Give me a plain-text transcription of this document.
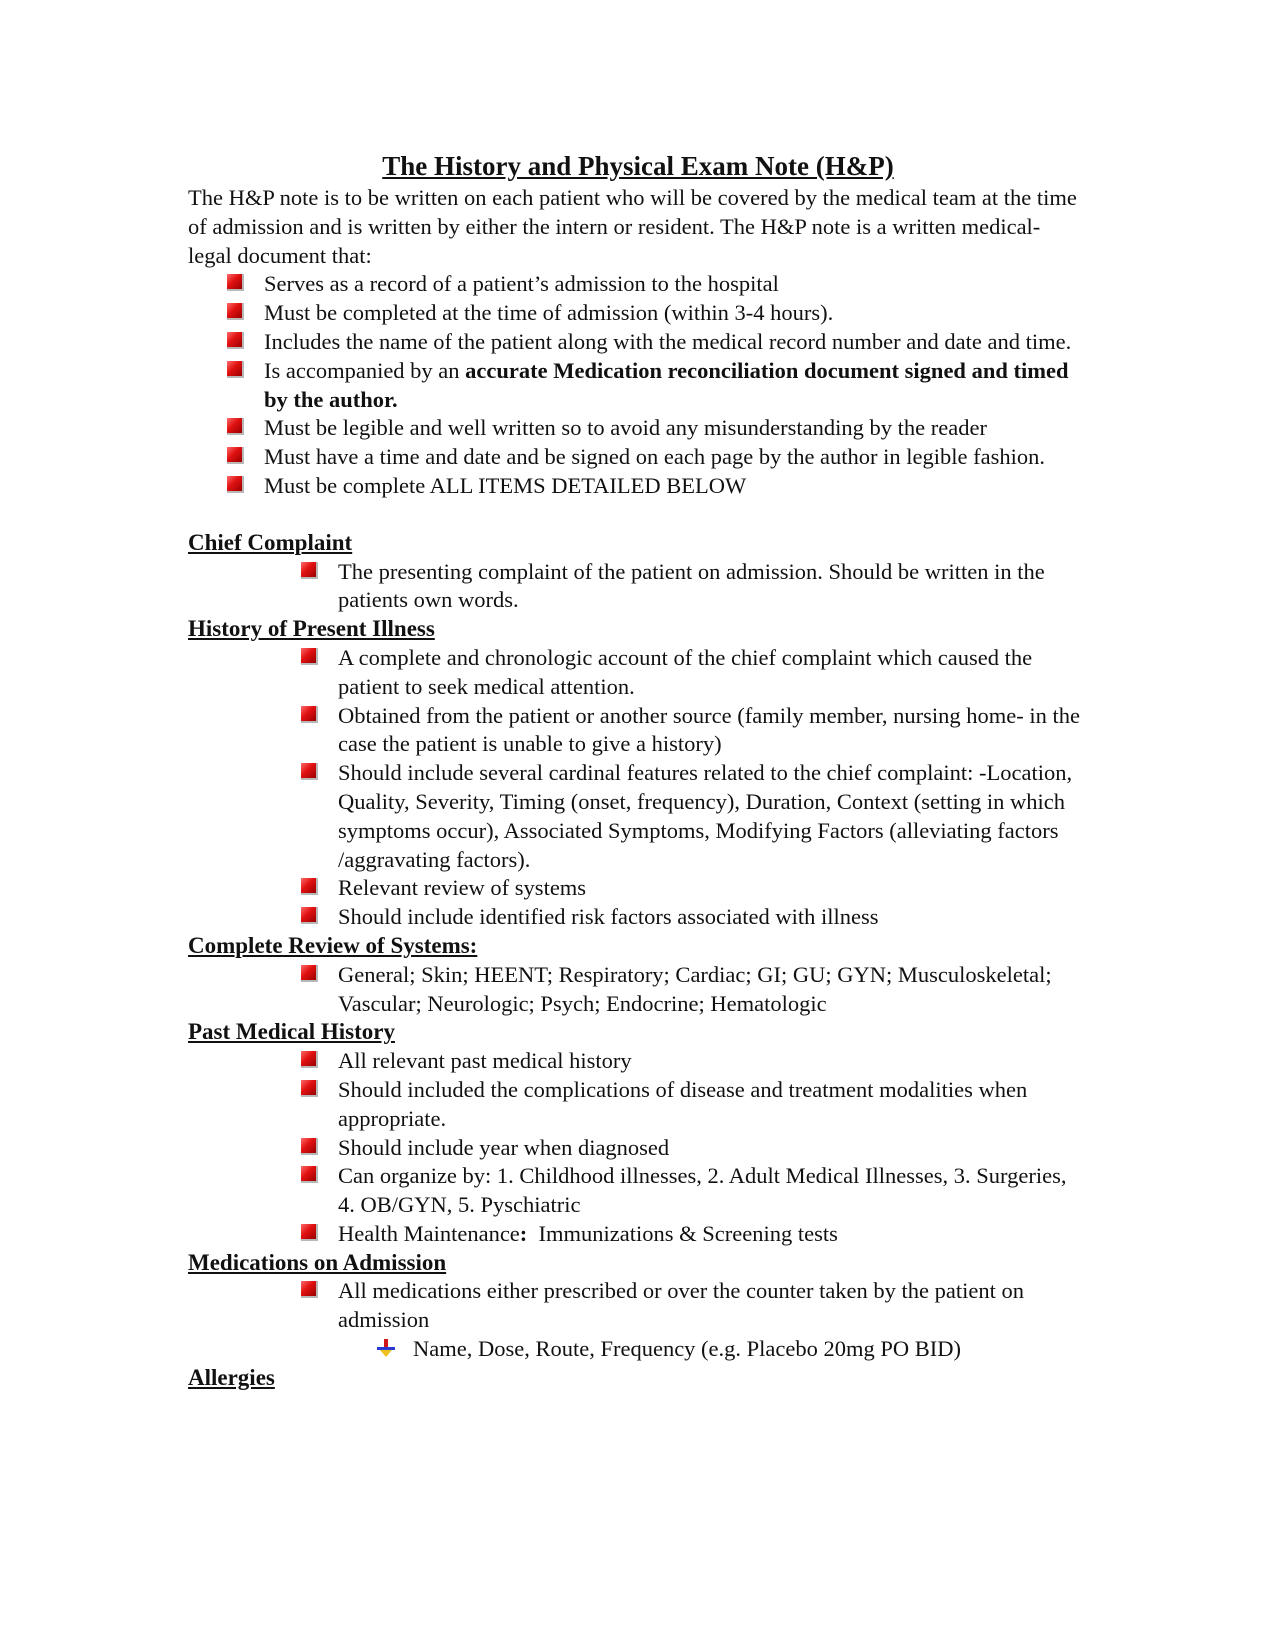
The History and Physical Exam Note (H&P)

The H&P note is to be written on each patient who will be covered by the medical team at the time of admission and is written by either the intern or resident. The H&P note is a written medical-legal document that:

Serves as a record of a patient’s admission to the hospital
Must be completed at the time of admission (within 3-4 hours).
Includes the name of the patient along with the medical record number and date and time.
Is accompanied by an accurate Medication reconciliation document signed and timed by the author.
Must be legible and well written so to avoid any misunderstanding by the reader
Must have a time and date and be signed on each page by the author in legible fashion.
Must be complete ALL ITEMS DETAILED BELOW
Chief Complaint
The presenting complaint of the patient on admission. Should be written in the patients own words.
History of Present Illness
A complete and chronologic account of the chief complaint which caused the patient to seek medical attention.
Obtained from the patient or another source (family member, nursing home- in the case the patient is unable to give a history)
Should include several cardinal features related to the chief complaint: -Location, Quality, Severity, Timing (onset, frequency), Duration, Context (setting in which symptoms occur), Associated Symptoms, Modifying Factors (alleviating factors /aggravating factors).
Relevant review of systems
Should include identified risk factors associated with illness
Complete Review of Systems:
General; Skin; HEENT; Respiratory; Cardiac; GI; GU; GYN; Musculoskeletal; Vascular; Neurologic; Psych; Endocrine; Hematologic
Past Medical History
All relevant past medical history
Should included the complications of disease and treatment modalities when appropriate.
Should include year when diagnosed
Can organize by: 1. Childhood illnesses, 2. Adult Medical Illnesses, 3. Surgeries, 4. OB/GYN, 5. Pyschiatric
Health Maintenance:  Immunizations & Screening tests
Medications on Admission
All medications either prescribed or over the counter taken by the patient on admission
Name, Dose, Route, Frequency (e.g. Placebo 20mg PO BID)
Allergies
